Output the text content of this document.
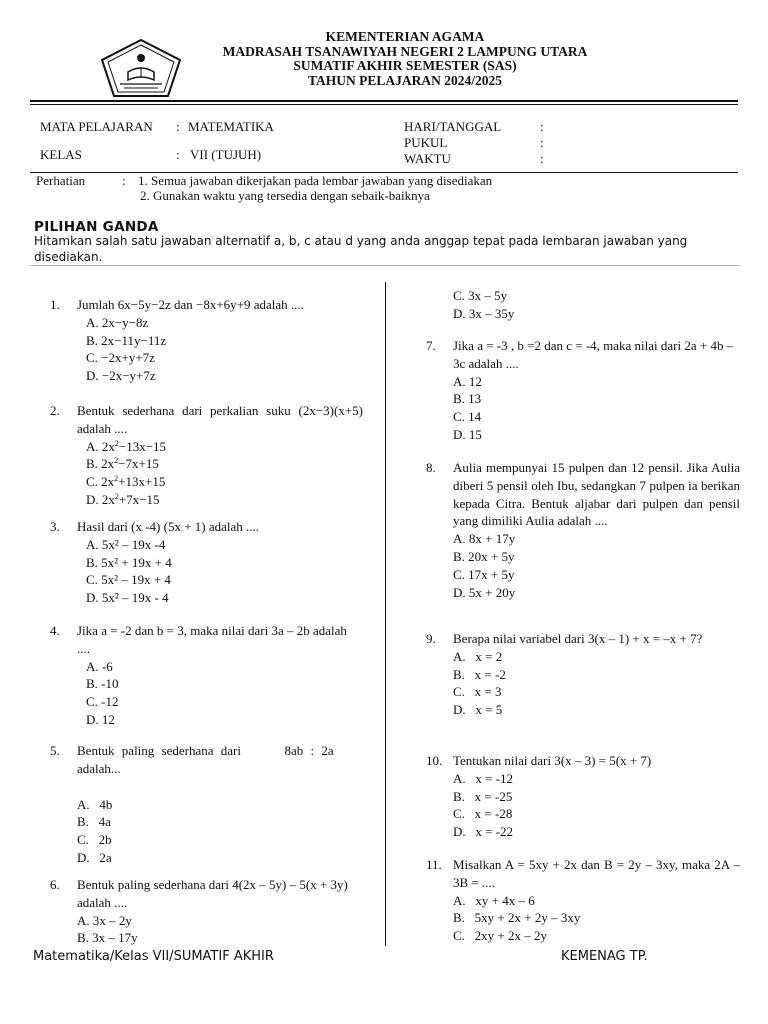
KEMENTERIAN AGAMA
MADRASAH TSANAWIYAH NEGERI 2 LAMPUNG UTARA
SUMATIF AKHIR SEMESTER (SAS)
TAHUN PELAJARAN 2024/2025
MATA PELAJARAN : MATEMATIKA
KELAS	: VII (TUJUH)
HARI/TANGGAL	:
PUKUL	:
WAKTU	:
Perhatian	: 1. Semua jawaban dikerjakan pada lembar jawaban yang disediakan
2. Gunakan waktu yang tersedia dengan sebaik-baiknya
PILIHAN GANDA
Hitamkan salah satu jawaban alternatif a, b, c atau d yang anda anggap tepat pada lembaran jawaban yang disediakan.
1. Jumlah 6x−5y−2z dan −8x+6y+9 adalah ....
A. 2x−y−8z
B. 2x−11y−11z
C. −2x+y+7z
D. −2x−y+7z
2. Bentuk sederhana dari perkalian suku (2x−3)(x+5) adalah ....
A. $2x^2-13x-15$
B. $2x^2-7x+15$
C. $2x^2+13x+15$
D. $2x^2+7x-15$
3. Hasil dari (x -4) (5x + 1) adalah ....
A. 5x² – 19x -4
B. 5x² + 19x + 4
C. 5x² – 19x + 4
D. 5x² – 19x - 4
4. Jika a = -2 dan b = 3, maka nilai dari 3a – 2b adalah ....
A. -6
B. -10
C. -12
D. 12
5. Bentuk paling sederhana dari      8ab : 2a adalah...
A.   4b
B.   4a
C.   2b
D.   2a
6. Bentuk paling sederhana dari 4(2x – 5y) – 5(x + 3y) adalah ....
A. 3x – 2y
B. 3x – 17y
C. 3x – 5y
D. 3x – 35y
7. Jika a = -3 , b =2 dan c = -4, maka nilai dari 2a + 4b – 3c adalah ....
A. 12
B. 13
C. 14
D. 15
8. Aulia mempunyai 15 pulpen dan 12 pensil. Jika Aulia diberi 5 pensil oleh Ibu, sedangkan 7 pulpen ia berikan kepada Citra. Bentuk aljabar dari pulpen dan pensil yang dimiliki Aulia adalah ....
A. 8x + 17y
B. 20x + 5y
C. 17x + 5y
D. 5x + 20y
9. Berapa nilai variabel dari 3(x – 1) + x = –x + 7?
A.   x = 2
B.   x = -2
C.   x = 3
D.   x = 5
10. Tentukan nilai dari 3(x – 3) = 5(x + 7)
A.   x = -12
B.   x = -25
C.   x = -28
D.   x = -22
11. Misalkan A = 5xy + 2x dan B = 2y – 3xy, maka 2A – 3B = ....
A.   xy + 4x – 6
B.   5xy + 2x + 2y – 3xy
C.   2xy + 2x – 2y
Matematika/Kelas VII/SUMATIF AKHIR	KEMENAG TP.
